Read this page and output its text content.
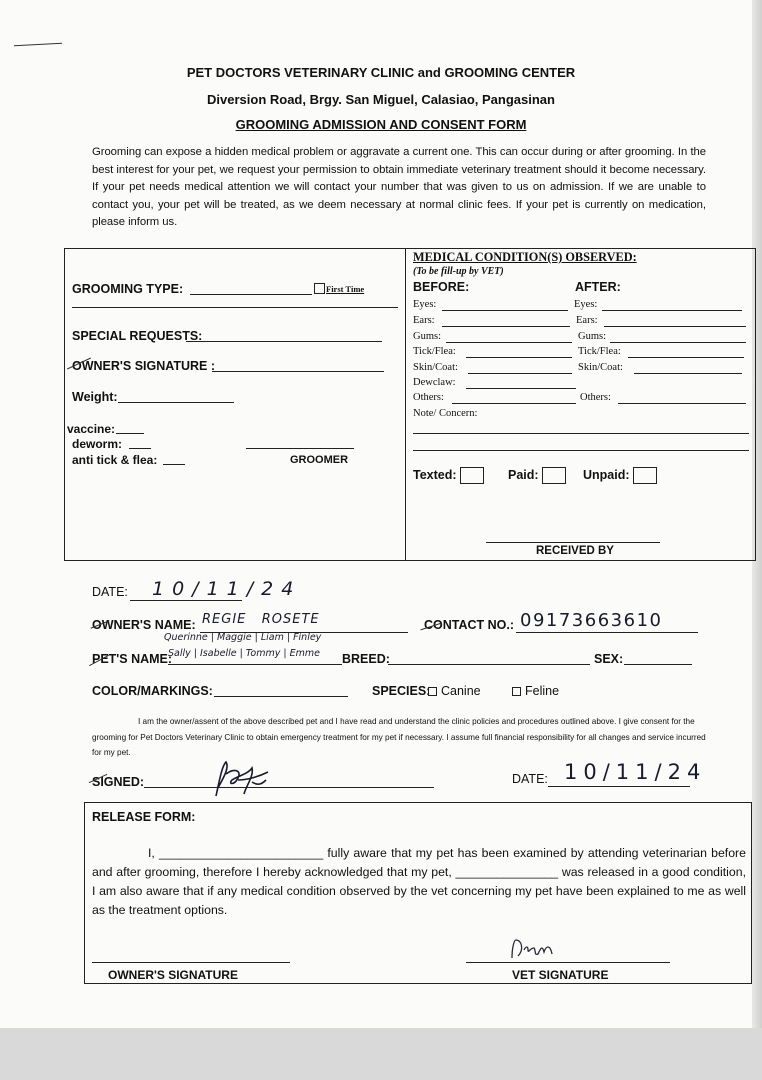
PET DOCTORS VETERINARY CLINIC and GROOMING CENTER
Diversion Road, Brgy. San Miguel, Calasiao, Pangasinan
GROOMING ADMISSION AND CONSENT FORM
Grooming can expose a hidden medical problem or aggravate a current one. This can occur during or after grooming. In the best interest for your pet, we request your permission to obtain immediate veterinary treatment should it become necessary. If your pet needs medical attention we will contact your number that was given to us on admission. If we are unable to contact you, your pet will be treated, as we deem necessary at normal clinic fees. If your pet is currently on medication, please inform us.
GROOMING TYPE:	First Time
SPECIAL REQUESTS:
OWNER'S SIGNATURE :
Weight:
vaccine:
deworm:
anti tick & flea:	GROOMER
MEDICAL CONDITION(S) OBSERVED:
(To be fill-up by VET)
BEFORE:	AFTER:
Eyes:	Eyes:
Ears:	Ears:
Gums:	Gums:
Tick/Flea:	Tick/Flea:
Skin/Coat:	Skin/Coat:
Dewclaw:
Others:	Others:
Note/ Concern:
Texted:	Paid:	Unpaid:
RECEIVED BY
DATE: 10/11/24
OWNER'S NAME: REGIE   ROSETE	CONTACT NO.: 09173663610
PET'S NAME:
Querinne | Maggie | Liam | Finley
Sally | Isabelle | Tommy | Emme BREED:	SEX:
COLOR/MARKINGS:	SPECIES: Canine	Feline
I am the owner/assent of the above described pet and I have read and understand the clinic policies and procedures outlined above. I give consent for the grooming for Pet Doctors Veterinary Clinic to obtain emergency treatment for my pet if necessary. I assume full financial responsibility for all changes and service incurred for my pet.
SIGNED:	DATE: 10/11/24
RELEASE FORM:
I, ________________________ fully aware that my pet has been examined by attending veterinarian before and after grooming, therefore I hereby acknowledged that my pet, _______________ was released in a good condition, I am also aware that if any medical condition observed by the vet concerning my pet have been explained to me as well as the treatment options.
OWNER'S SIGNATURE	VET SIGNATURE
